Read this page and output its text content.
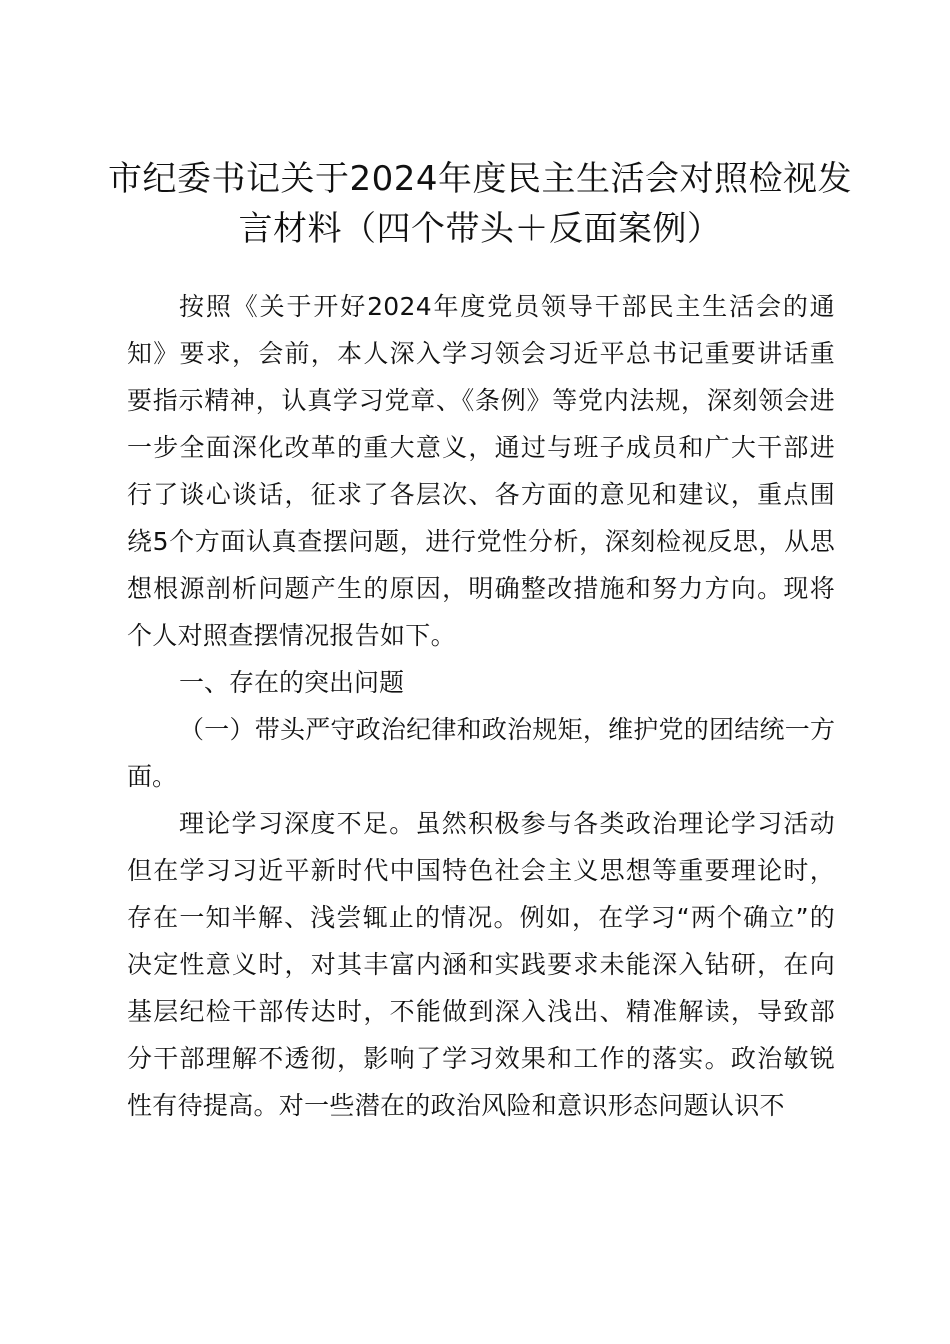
市纪委书记关于2024年度民主生活会对照检视发言材料（四个带头＋反面案例）

按照《关于开好2024年度党员领导干部民主生活会的通知》要求，会前，本人深入学习领会习近平总书记重要讲话重要指示精神，认真学习党章、《条例》等党内法规，深刻领会进一步全面深化改革的重大意义，通过与班子成员和广大干部进行了谈心谈话，征求了各层次、各方面的意见和建议，重点围绕5个方面认真查摆问题，进行党性分析，深刻检视反思，从思想根源剖析问题产生的原因，明确整改措施和努力方向。现将个人对照查摆情况报告如下。

一、存在的突出问题

（一）带头严守政治纪律和政治规矩，维护党的团结统一方面。

理论学习深度不足。虽然积极参与各类政治理论学习活动但在学习习近平新时代中国特色社会主义思想等重要理论时，存在一知半解、浅尝辄止的情况。例如，在学习“两个确立”的决定性意义时，对其丰富内涵和实践要求未能深入钻研，在向基层纪检干部传达时，不能做到深入浅出、精准解读，导致部分干部理解不透彻，影响了学习效果和工作的落实。政治敏锐性有待提高。对一些潜在的政治风险和意识形态问题认识不
